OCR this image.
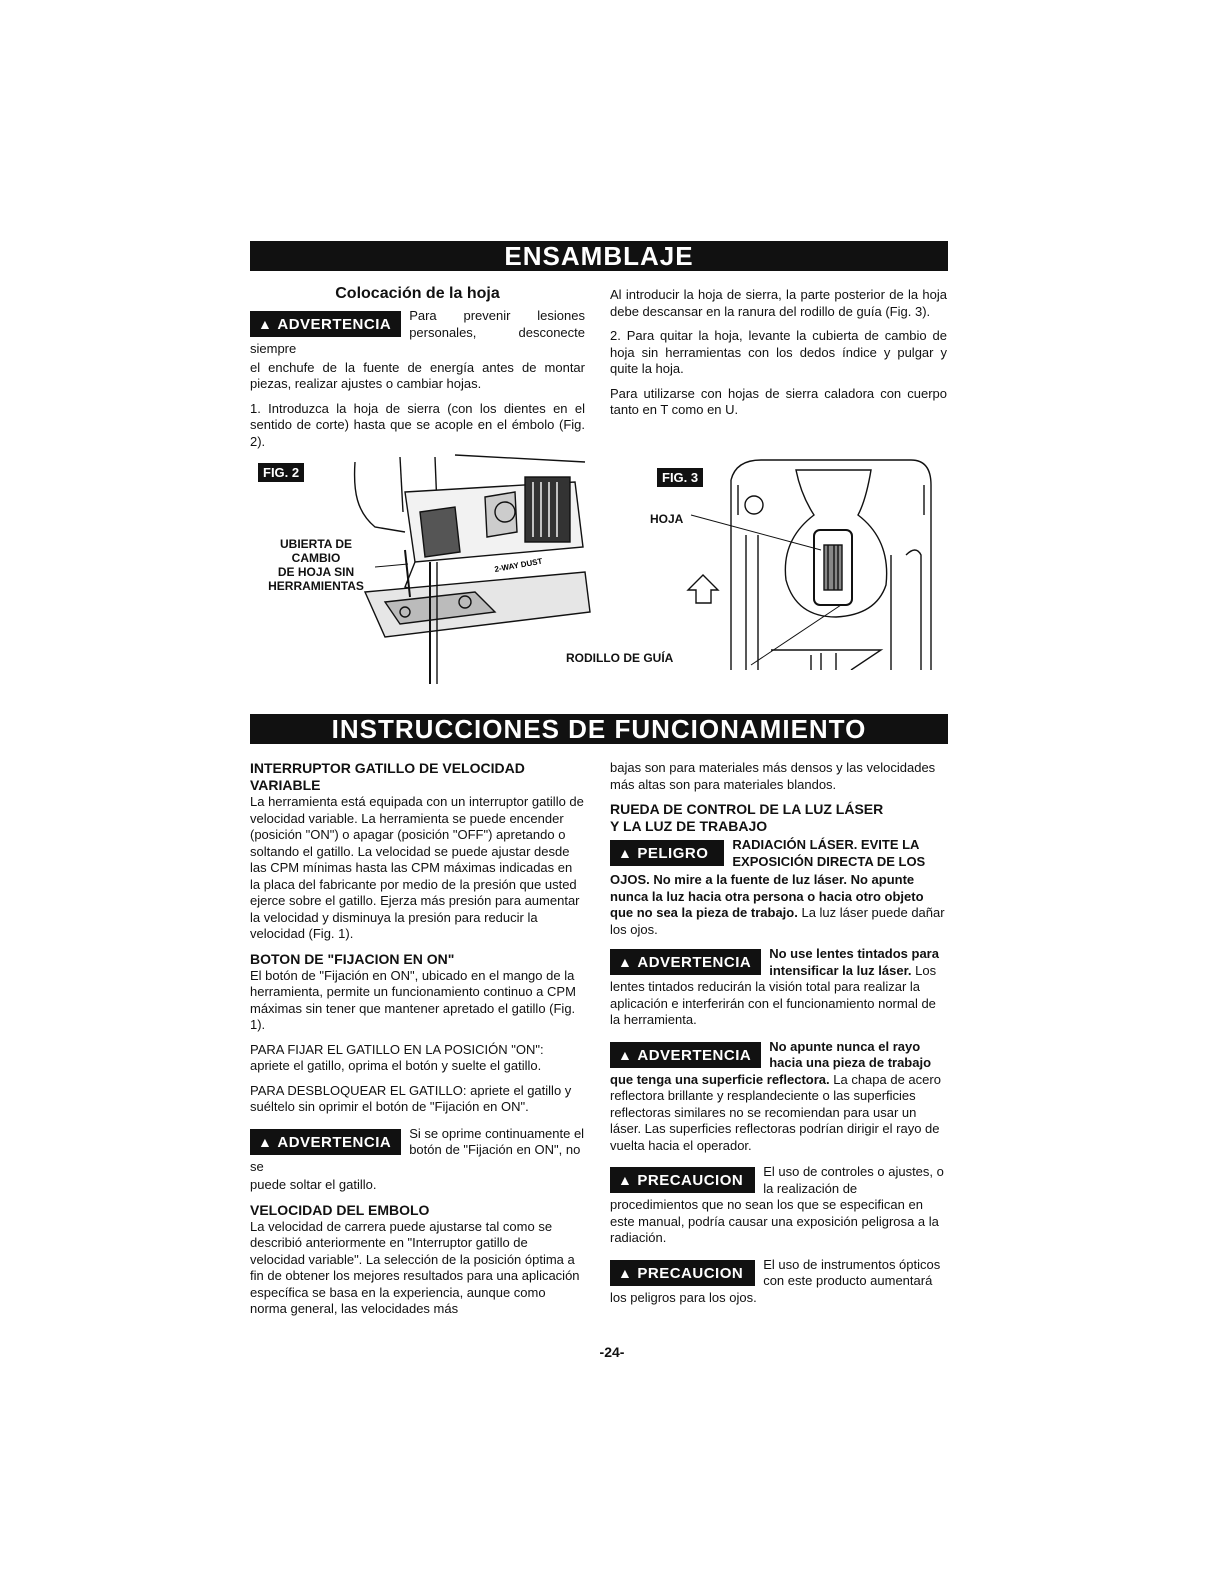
ENSAMBLAJE
Colocación de la hoja
▲ ADVERTENCIA
Para prevenir lesiones personales, desconecte siempre

el enchufe de la fuente de energía antes de montar piezas, realizar ajustes o cambiar hojas.

1. Introduzca la hoja de sierra (con los dientes en el sentido de corte) hasta que se acople en el émbolo (Fig. 2).

Al introducir la hoja de sierra, la parte posterior de la hoja debe descansar en la ranura del rodillo de guía (Fig. 3).

2. Para quitar la hoja, levante la cubierta de cambio de hoja sin herramientas con los dedos índice y pulgar y quite la hoja.

Para utilizarse con hojas de sierra caladora con cuerpo tanto en T como en U.

FIG. 2
UBIERTA DE CAMBIO
DE HOJA SIN
HERRAMIENTAS
2-WAY DUST
FIG. 3
HOJA
RODILLO DE GUÍA
INSTRUCCIONES DE FUNCIONAMIENTO
INTERRUPTOR GATILLO DE VELOCIDAD VARIABLE

La herramienta está equipada con un interruptor gatillo de velocidad variable. La herramienta se puede encender (posición "ON") o apagar (posición "OFF") apretando o soltando el gatillo. La velocidad se puede ajustar desde las CPM mínimas hasta las CPM máximas indicadas en la placa del fabricante por medio de la presión que usted ejerce sobre el gatillo. Ejerza más presión para aumentar la velocidad y disminuya la presión para reducir la velocidad (Fig. 1).

BOTON DE "FIJACION EN ON"

El botón de "Fijación en ON", ubicado en el mango de la herramienta, permite un funcionamiento continuo a CPM máximas sin tener que mantener apretado el gatillo (Fig. 1).

PARA FIJAR EL GATILLO EN LA POSICIÓN "ON": apriete el gatillo, oprima el botón y suelte el gatillo.

PARA DESBLOQUEAR EL GATILLO: apriete el gatillo y suéltelo sin oprimir el botón de "Fijación en ON".

▲ ADVERTENCIA
Si se oprime continuamente el botón de "Fijación en ON", no se

puede soltar el gatillo.

VELOCIDAD DEL EMBOLO

La velocidad de carrera puede ajustarse tal como se describió anteriormente en "Interruptor gatillo de velocidad variable". La selección de la posición óptima a fin de obtener los mejores resultados para una aplicación específica se basa en la experiencia, aunque como norma general, las velocidades más

bajas son para materiales más densos y las velocidades más altas son para materiales blandos.

RUEDA DE CONTROL DE LA LUZ LÁSER
Y LA LUZ DE TRABAJO
▲ PELIGRO
RADIACIÓN LÁSER. EVITE LA EXPOSICIÓN DIRECTA DE LOS

OJOS. No mire a la fuente de luz láser. No apunte nunca la luz hacia otra persona o hacia otro objeto que no sea la pieza de trabajo. La luz láser puede dañar los ojos.

▲ ADVERTENCIA
No use lentes tintados para intensificar la luz láser. Los lentes tintados reducirán la visión total para realizar la aplicación e interferirán con el funcionamiento normal de la herramienta.
▲ ADVERTENCIA
No apunte nunca el rayo hacia una pieza de trabajo que tenga una superficie reflectora. La chapa de acero reflectora brillante y resplandeciente o las superficies reflectoras similares no se recomiendan para usar un láser. Las superficies reflectoras podrían dirigir el rayo de vuelta hacia el operador.
▲ PRECAUCION
El uso de controles o ajustes, o la realización de procedimientos que no sean los que se especifican en este manual, podría causar una exposición peligrosa a la radiación.
▲ PRECAUCION
El uso de instrumentos ópticos con este producto aumentará los peligros para los ojos.
-24-
